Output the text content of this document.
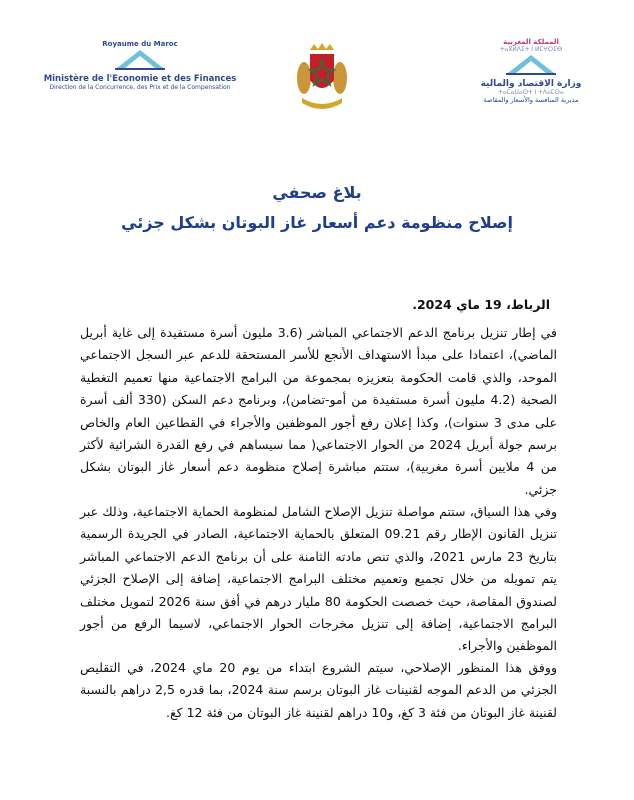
Royaume du Maroc
Ministère de l'Economie et des Finances
Direction de la Concurrence, des Prix et de la Compensation
المملكة المغربية
ⵜⴰⴳⵍⴷⵉⵜ ⵏ ⵍⵎⵖⵔⵉⴱ
وزارة الاقتصاد والمالية
ⵜⴰⵎⴰⵡⴰⵙⵜ ⵏ ⵜⴷⴰⵎⵙⴰ
مديرية المنافسة والأسعار والمقاصة
بلاغ صحفي
إصلاح منظومة دعم أسعار غاز البوتان بشكل جزئي
الرباط، 19 ماي 2024.
في إطار تنزيل برنامج الدعم الاجتماعي المباشر (3.6 مليون أسرة مستفيدة إلى غاية أبريل الماضي)، اعتمادا على مبدأ الاستهداف الأنجع للأسر المستحقة للدعم عبر السجل الاجتماعي الموحد، والذي قامت الحكومة بتعزيزه بمجموعة من البرامج الاجتماعية منها تعميم التغطية الصحية (4.2 مليون أسرة مستفيدة من أمو-تضامن)، وبرنامج دعم السكن (330 ألف أسرة على مدى 3 سنوات)، وكذا إعلان رفع أجور الموظفين والأجراء في القطاعين العام والخاص برسم جولة أبريل 2024 من الحوار الاجتماعي( مما سيساهم في رفع القدرة الشرائية لأكثر من 4 ملايين أسرة مغربية)، ستتم مباشرة إصلاح منظومة دعم أسعار غاز البوتان بشكل جزئي.
وفي هذا السياق، ستتم مواصلة تنزيل الإصلاح الشامل لمنظومة الحماية الاجتماعية، وذلك عبر تنزيل القانون الإطار رقم 09.21 المتعلق بالحماية الاجتماعية، الصادر في الجريدة الرسمية بتاريخ 23 مارس 2021، والذي تنص مادته الثامنة على أن برنامج الدعم الاجتماعي المباشر يتم تمويله من خلال تجميع وتعميم مختلف البرامج الاجتماعية، إضافة إلى الإصلاح الجزئي لصندوق المقاصة، حيث خصصت الحكومة 80 مليار درهم في أفق سنة 2026 لتمويل مختلف البرامج الاجتماعية، إضافة إلى تنزيل مخرجات الحوار الاجتماعي، لاسيما الرفع من أجور الموظفين والأجراء.
ووفق هذا المنظور الإصلاحي، سيتم الشروع ابتداء من يوم 20 ماي 2024، في التقليص الجزئي من الدعم الموجه لقنينات غاز البوتان برسم سنة 2024، بما قدره 2,5 دراهم بالنسبة لقنينة غاز البوتان من فئة 3 كغ، و10 دراهم لقنينة غاز البوتان من فئة 12 كغ.
